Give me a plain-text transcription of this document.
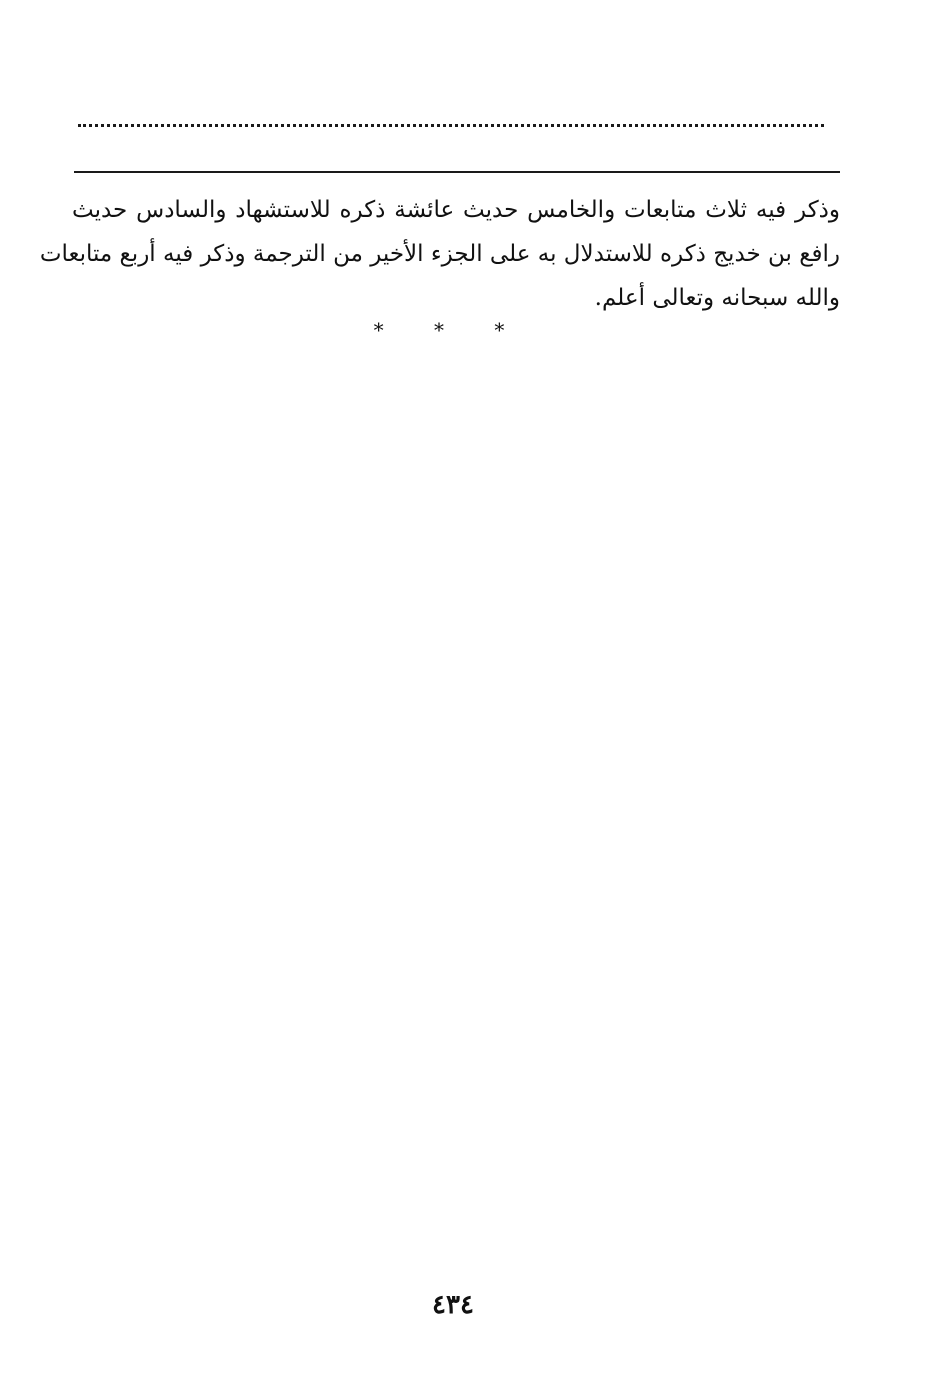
وذكر فيه ثلاث متابعات والخامس حديث عائشة ذكره للاستشهاد والسادس حديث
رافع بن خديج ذكره للاستدلال به على الجزء الأخير من الترجمة وذكر فيه أربع متابعات
والله سبحانه وتعالى أعلم.

* * *
٤٣٤
